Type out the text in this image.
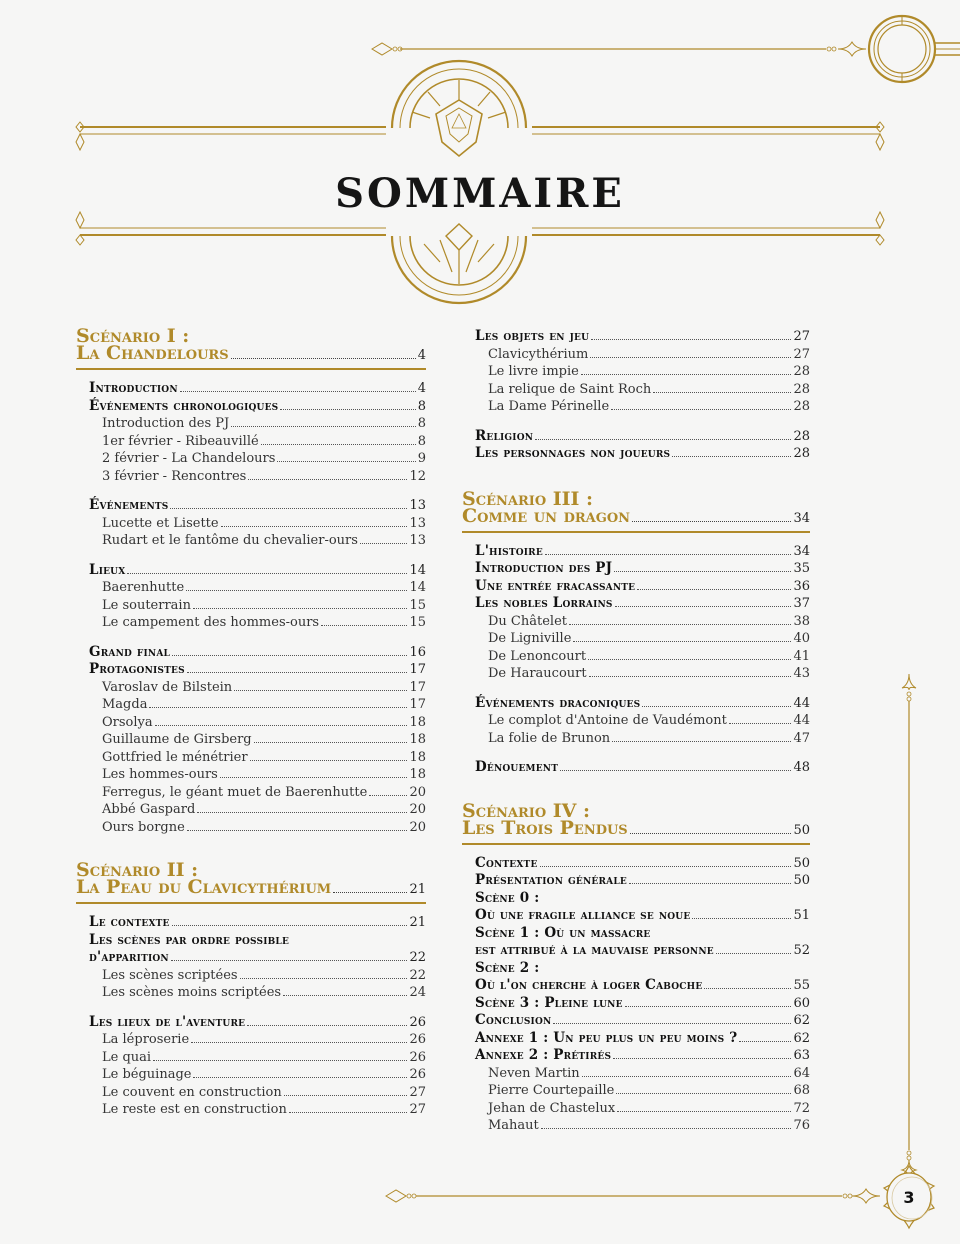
3
SOMMAIRE
Scénario I :
La Chandelours	4
Introduction	4
Événements chronologiques	8
Introduction des PJ	8
1er février - Ribeauvillé	8
2 février - La Chandelours	9
3 février - Rencontres	12
Événements	13
Lucette et Lisette	13
Rudart et le fantôme du chevalier-ours	13
Lieux	14
Baerenhutte	14
Le souterrain	15
Le campement des hommes-ours	15
Grand final	16
Protagonistes	17
Varoslav de Bilstein	17
Magda	17
Orsolya	18
Guillaume de Girsberg	18
Gottfried le ménétrier	18
Les hommes-ours	18
Ferregus, le géant muet de Baerenhutte	20
Abbé Gaspard	20
Ours borgne	20
Scénario II :
La Peau du Clavicythérium	21
Le contexte	21
Les scènes par ordre possible
d'apparition	22
Les scènes scriptées	22
Les scènes moins scriptées	24
Les lieux de l'aventure	26
La léproserie	26
Le quai	26
Le béguinage	26
Le couvent en construction	27
Le reste est en construction	27
Les objets en jeu	27
Clavicythérium	27
Le livre impie	28
La relique de Saint Roch	28
La Dame Périnelle	28
Religion	28
Les personnages non joueurs	28
Scénario III :
Comme un dragon	34
L'histoire	34
Introduction des PJ	35
Une entrée fracassante	36
Les nobles Lorrains	37
Du Châtelet	38
De Ligniville	40
De Lenoncourt	41
De Haraucourt	43
Événements draconiques	44
Le complot d'Antoine de Vaudémont	44
La folie de Brunon	47
Dénouement	48
Scénario IV :
Les Trois Pendus	50
Contexte	50
Présentation générale	50
Scène 0 :
Où une fragile alliance se noue	51
Scène 1 : Où un massacre
est attribué à la mauvaise personne	52
Scène 2 :
Où l'on cherche à loger Caboche	55
Scène 3 : Pleine lune	60
Conclusion	62
Annexe 1 : Un peu plus un peu moins ?	62
Annexe 2 : Prétirés	63
Neven Martin	64
Pierre Courtepaille	68
Jehan de Chastelux	72
Mahaut	76
